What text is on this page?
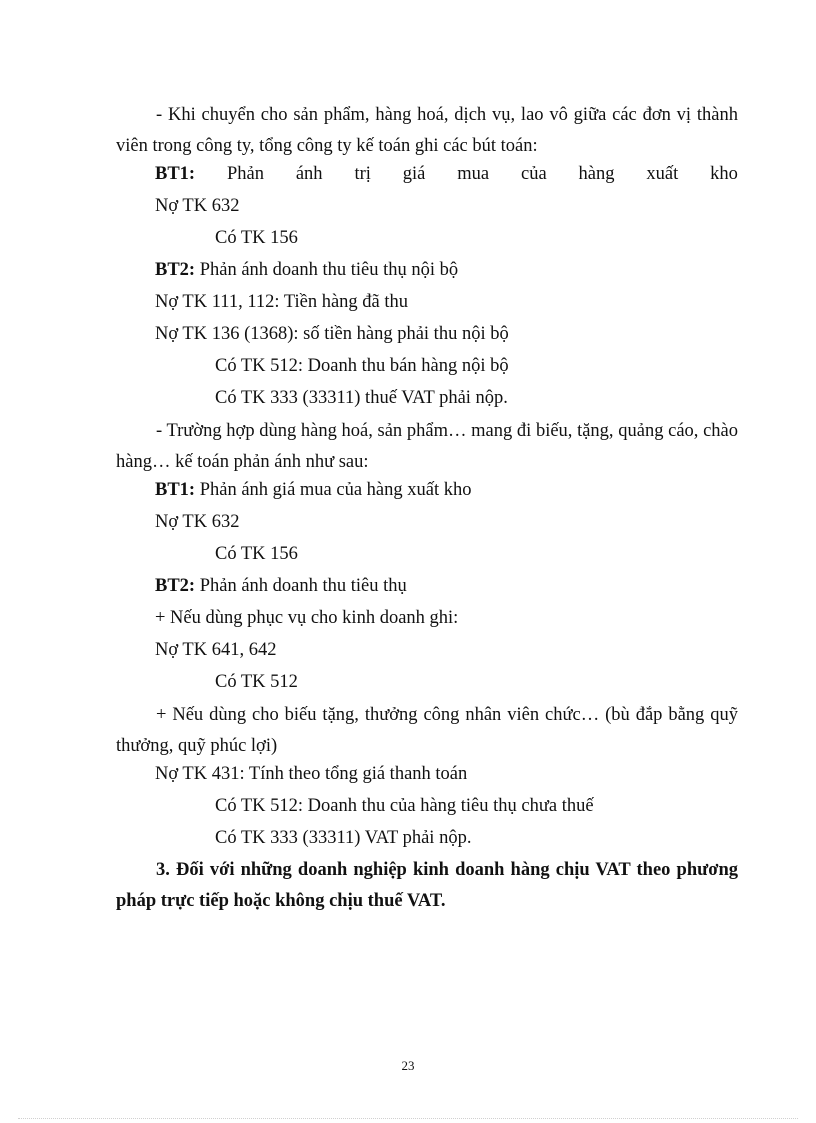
- Khi chuyển cho sản phẩm, hàng hoá, dịch vụ, lao vô giữa các đơn vị thành viên trong công ty, tổng công ty kế toán ghi các bút toán:
BT1: Phản ánh trị giá mua của hàng xuất kho
Nợ TK 632
Có TK 156
BT2: Phản ánh doanh thu tiêu thụ nội bộ
Nợ TK 111, 112: Tiền hàng đã thu
Nợ TK 136 (1368): số tiền hàng phải thu nội bộ
Có TK 512: Doanh thu bán hàng nội bộ
Có TK 333 (33311) thuế VAT phải nộp.
- Trường hợp dùng hàng hoá, sản phẩm… mang đi biếu, tặng, quảng cáo, chào hàng… kế toán phản ánh như sau:
BT1: Phản ánh giá mua của hàng xuất kho
Nợ TK 632
Có TK 156
BT2: Phản ánh doanh thu tiêu thụ
+ Nếu dùng phục vụ cho kinh doanh ghi:
Nợ TK 641, 642
Có TK 512
+ Nếu dùng cho biếu tặng, thưởng công nhân viên chức… (bù đắp bằng quỹ thưởng, quỹ phúc lợi)
Nợ TK 431: Tính theo tổng giá thanh toán
Có TK 512: Doanh thu của hàng tiêu thụ chưa thuế
Có TK 333 (33311) VAT phải nộp.
3. Đối với những doanh nghiệp kinh doanh hàng chịu VAT theo phương pháp trực tiếp hoặc không chịu thuế VAT.
23
